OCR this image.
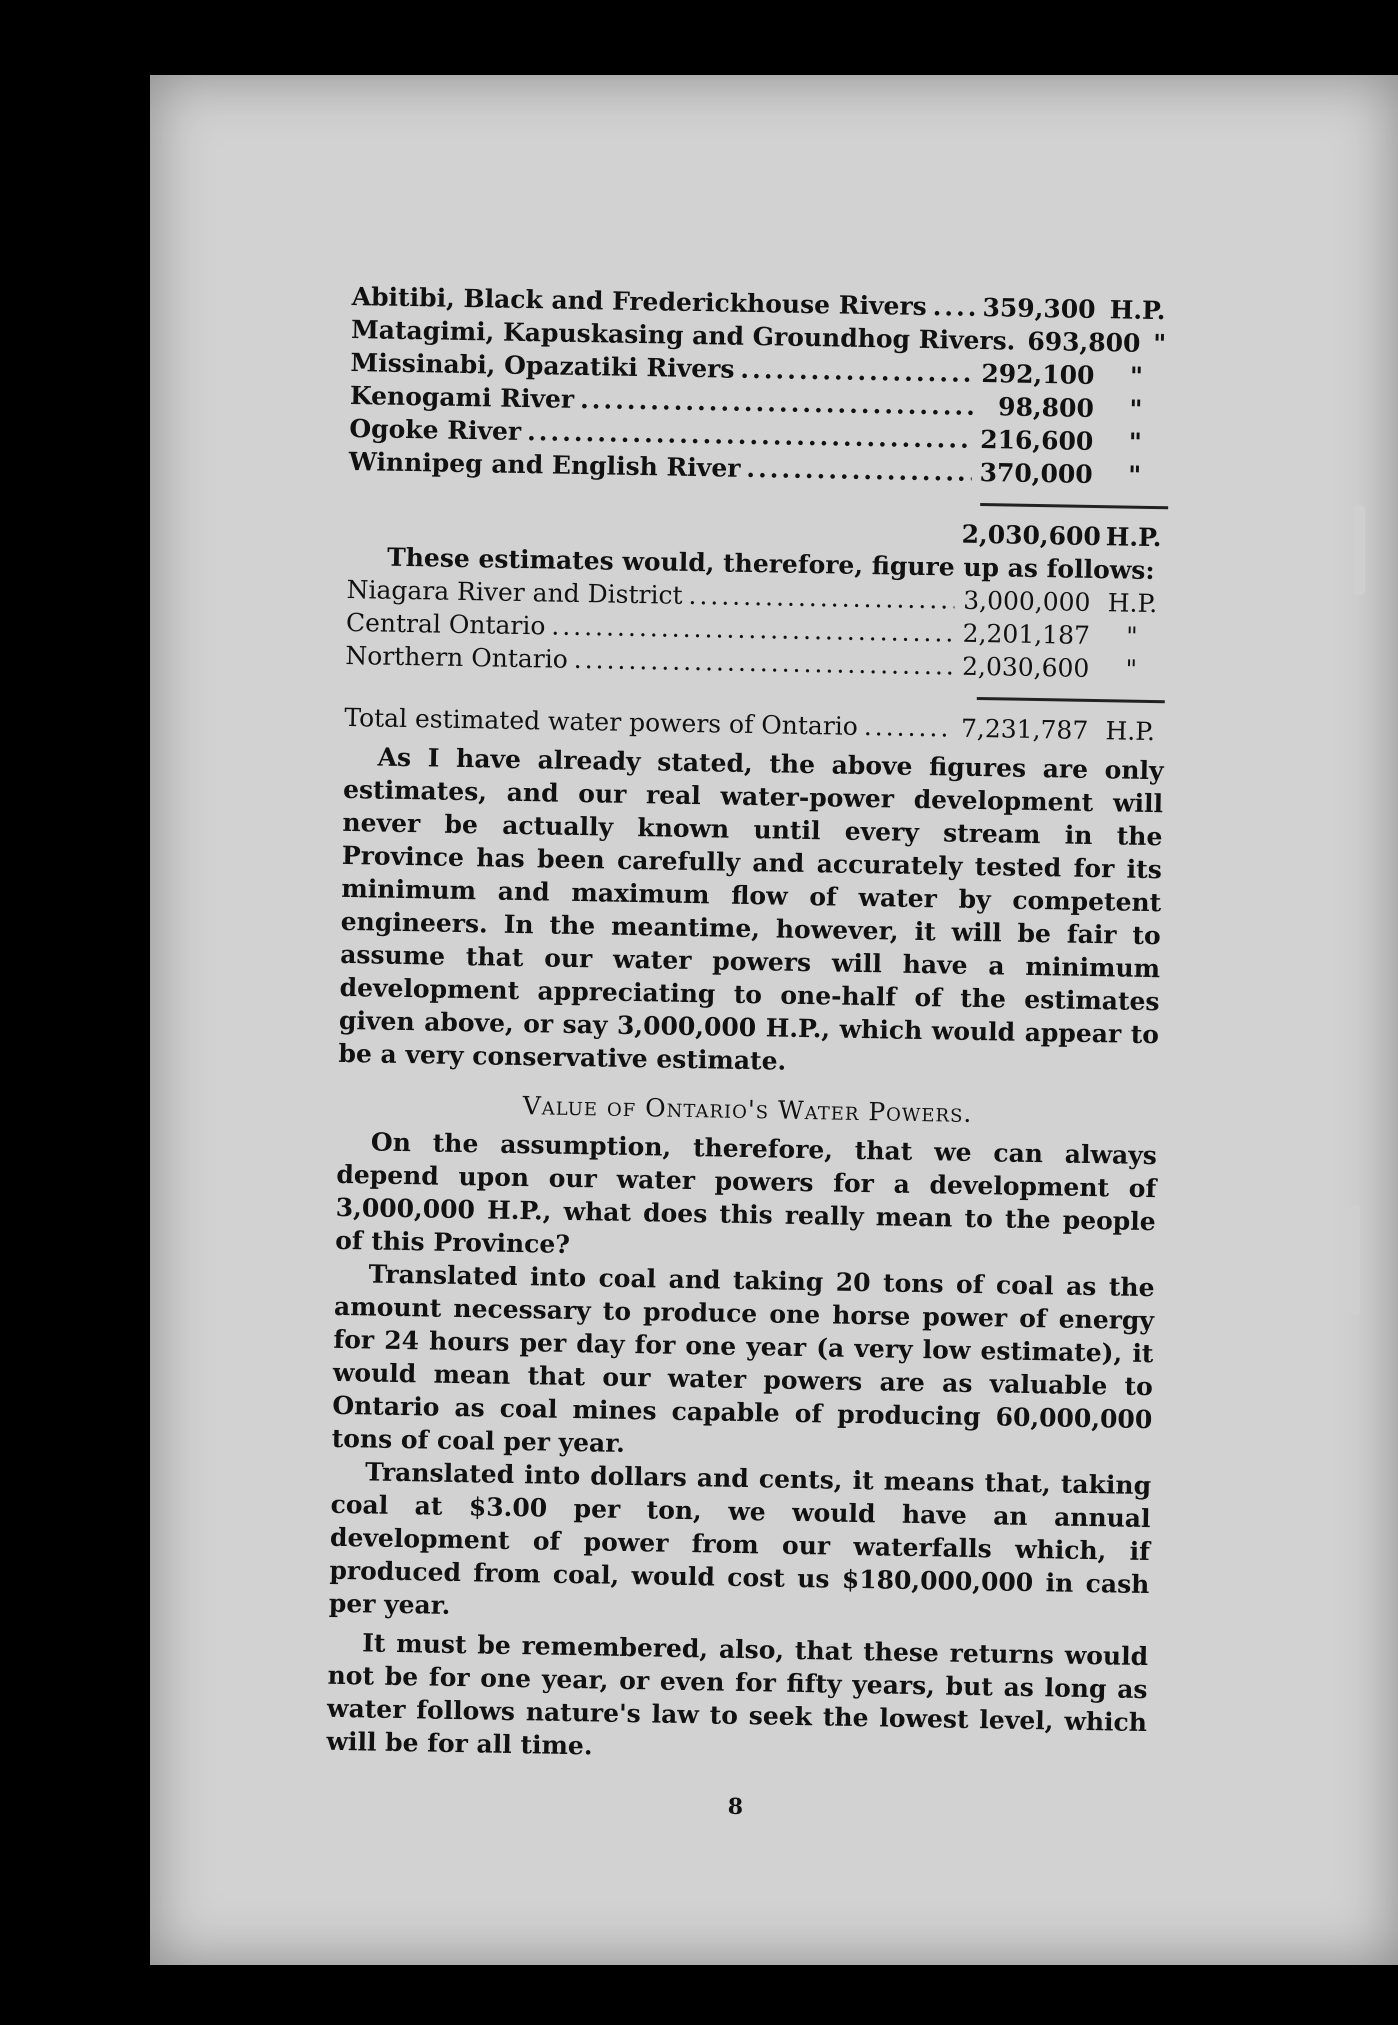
Abitibi, Black and Frederickhouse Rivers ..... 359,300 H.P.
Matagimi, Kapuskasing and Groundhog Rivers. 693,800 "
Missinabi, Opazatiki Rivers .....	292,100	"
Kenogami River .....	98,800	"
Ogoke River .....	216,600	"
Winnipeg and English River .....	370,000	"
2,030,600 H.P.

These estimates would, therefore, figure up as follows:

Niagara River and District .....	3,000,000 H.P.
Central Ontario .....	2,201,187	"
Northern Ontario .....	2,030,600	"
Total estimated water powers of Ontario .....	7,231,787 H.P.

As I have already stated, the above figures are only estimates, and our real water-power development will never be actually known until every stream in the Province has been carefully and accurately tested for its minimum and maximum flow of water by competent engineers. In the meantime, however, it will be fair to assume that our water powers will have a minimum development appreciating to one-half of the estimates given above, or say 3,000,000 H.P., which would appear to be a very conservative estimate.

Value of Ontario's Water Powers.

On the assumption, therefore, that we can always depend upon our water powers for a development of 3,000,000 H.P., what does this really mean to the people of this Province?

Translated into coal and taking 20 tons of coal as the amount necessary to produce one horse power of energy for 24 hours per day for one year (a very low estimate), it would mean that our water powers are as valuable to Ontario as coal mines capable of producing 60,000,000 tons of coal per year.

Translated into dollars and cents, it means that, taking coal at $3.00 per ton, we would have an annual development of power from our waterfalls which, if produced from coal, would cost us $180,000,000 in cash per year.

It must be remembered, also, that these returns would not be for one year, or even for fifty years, but as long as water follows nature's law to seek the lowest level, which will be for all time.

8
